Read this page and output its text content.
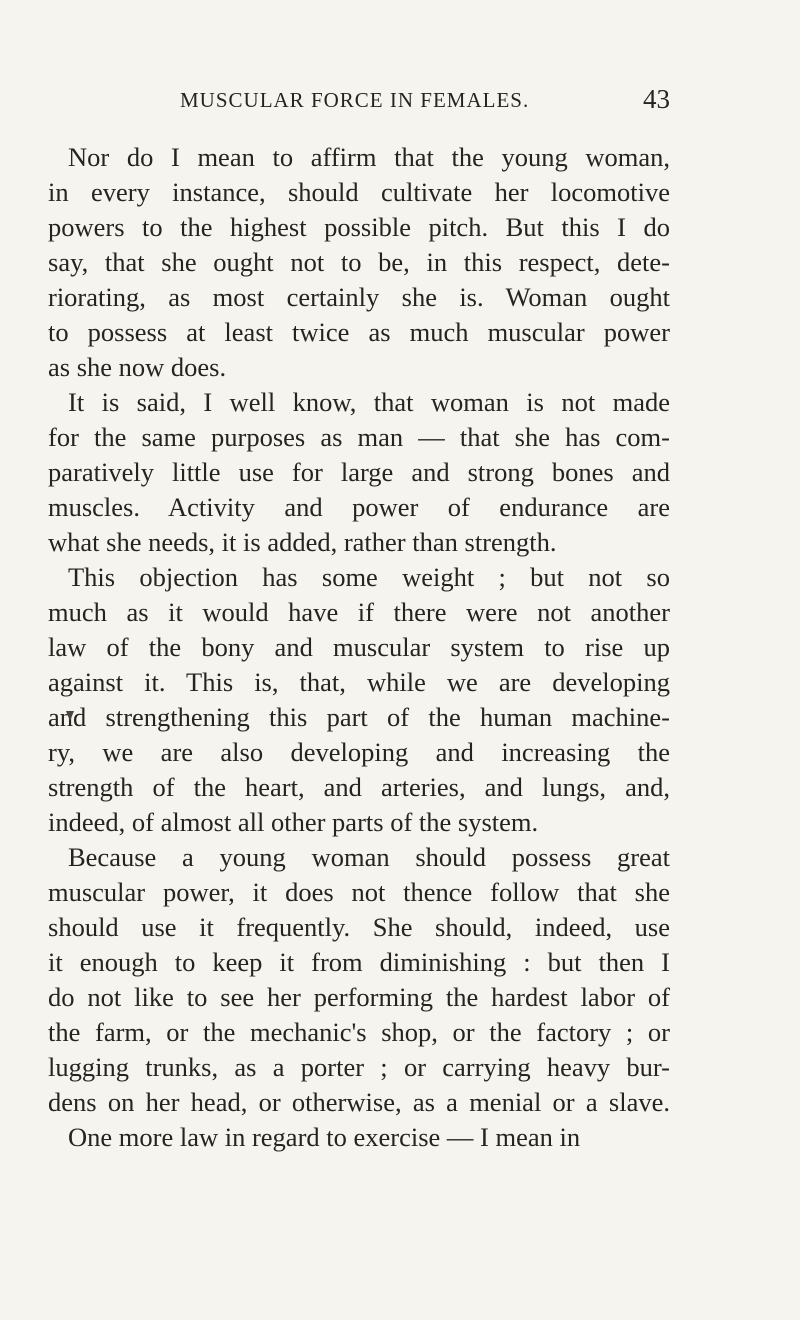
MUSCULAR FORCE IN FEMALES.	43
Nor do I mean to affirm that the young woman,
in every instance, should cultivate her locomotive
powers to the highest possible pitch. But this I do
say, that she ought not to be, in this respect, dete-
riorating, as most certainly she is. Woman ought
to possess at least twice as much muscular power
as she now does.
It is said, I well know, that woman is not made
for the same purposes as man — that she has com-
paratively little use for large and strong bones and
muscles. Activity and power of endurance are
what she needs, it is added, rather than strength.
This objection has some weight ; but not so
much as it would have if there were not another
law of the bony and muscular system to rise up
against it. This is, that, while we are developing
and strengthening this part of the human machine-
ry, we are also developing and increasing the
strength of the heart, and arteries, and lungs, and,
indeed, of almost all other parts of the system.
Because a young woman should possess great
muscular power, it does not thence follow that she
should use it frequently. She should, indeed, use
it enough to keep it from diminishing : but then I
do not like to see her performing the hardest labor of
the farm, or the mechanic's shop, or the factory ; or
lugging trunks, as a porter ; or carrying heavy bur-
dens on her head, or otherwise, as a menial or a slave.
One more law in regard to exercise — I mean in
